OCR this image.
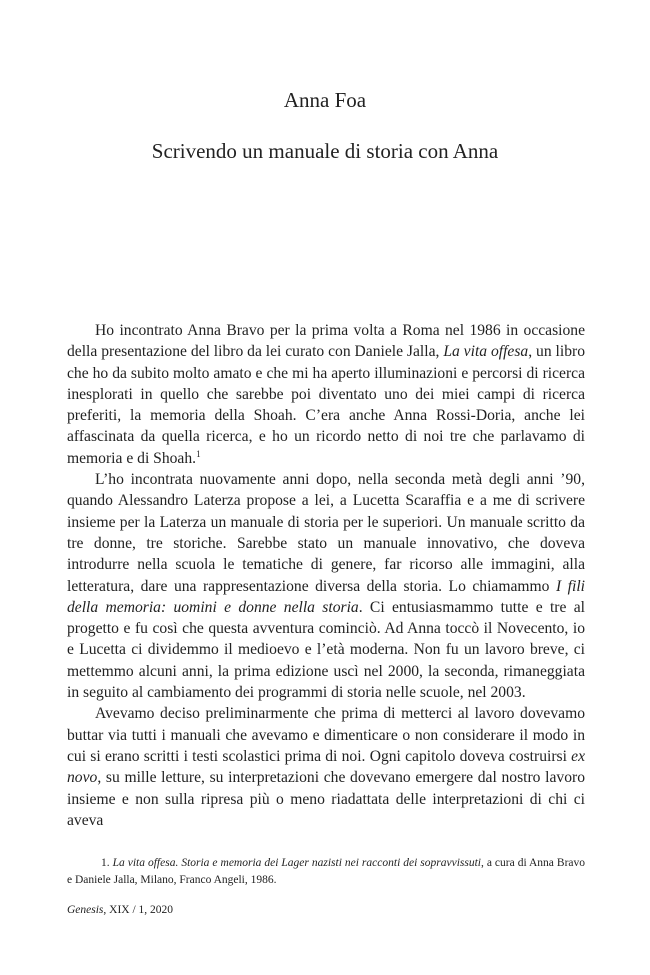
Anna Foa
Scrivendo un manuale di storia con Anna

Ho incontrato Anna Bravo per la prima volta a Roma nel 1986 in occasione della presentazione del libro da lei curato con Daniele Jalla, La vita offesa, un libro che ho da subito molto amato e che mi ha aperto illuminazioni e percorsi di ricerca inesplorati in quello che sarebbe poi diventato uno dei miei campi di ricerca preferiti, la memoria della Shoah. C’era anche Anna Rossi-Doria, anche lei affascinata da quella ricerca, e ho un ricordo netto di noi tre che parlavamo di memoria e di Shoah.$^1$

L’ho incontrata nuovamente anni dopo, nella seconda metà degli anni ’90, quando Alessandro Laterza propose a lei, a Lucetta Scaraffia e a me di scrivere insieme per la Laterza un manuale di storia per le superiori. Un manuale scritto da tre donne, tre storiche. Sarebbe stato un manuale innovativo, che doveva introdurre nella scuola le tematiche di genere, far ricorso alle immagini, alla letteratura, dare una rappresentazione diversa della storia. Lo chiamammo I fili della memoria: uomini e donne nella storia. Ci entusiasmammo tutte e tre al progetto e fu così che questa avventura cominciò. Ad Anna toccò il Novecento, io e Lucetta ci dividemmo il medioevo e l’età moderna. Non fu un lavoro breve, ci mettemmo alcuni anni, la prima edizione uscì nel 2000, la seconda, rimaneggiata in seguito al cambiamento dei programmi di storia nelle scuole, nel 2003.

Avevamo deciso preliminarmente che prima di metterci al lavoro dovevamo buttar via tutti i manuali che avevamo e dimenticare o non considerare il modo in cui si erano scritti i testi scolastici prima di noi. Ogni capitolo doveva costruirsi ex novo, su mille letture, su interpretazioni che dovevano emergere dal nostro lavoro insieme e non sulla ripresa più o meno riadattata delle interpretazioni di chi ci aveva

1. La vita offesa. Storia e memoria dei Lager nazisti nei racconti dei sopravvissuti, a cura di Anna Bravo e Daniele Jalla, Milano, Franco Angeli, 1986.

Genesis, XIX / 1, 2020
